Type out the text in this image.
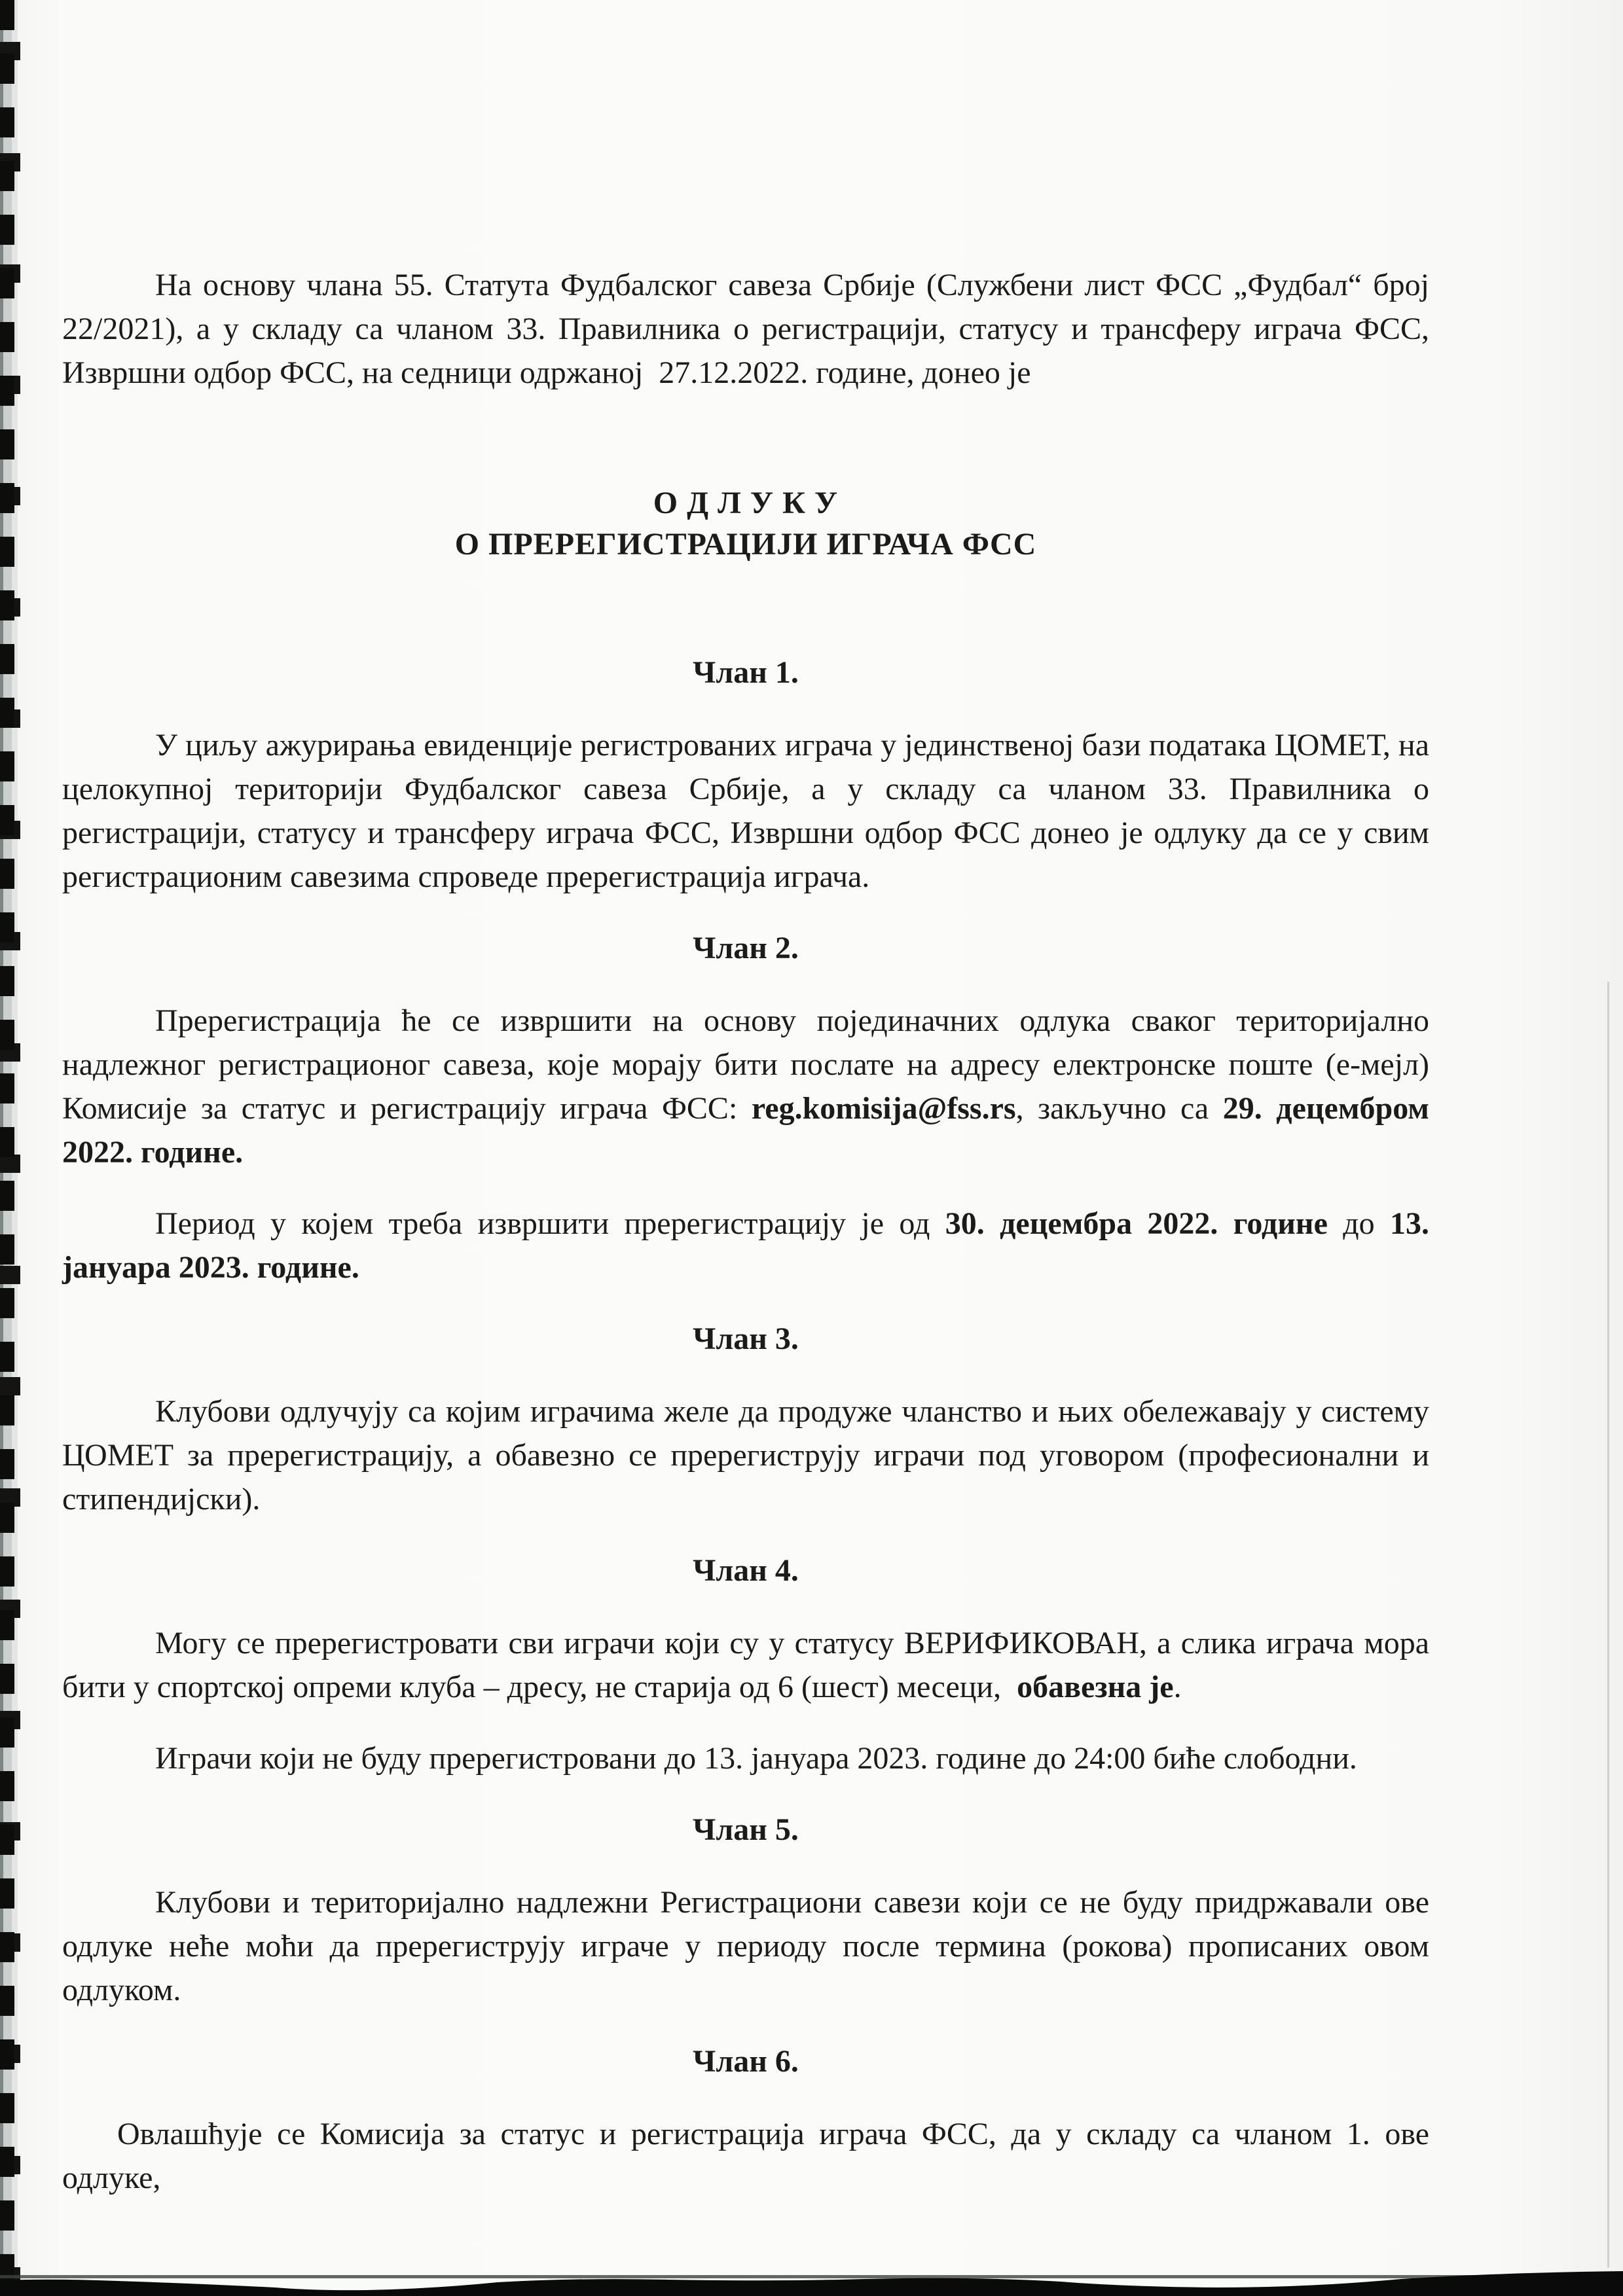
На основу члана 55. Статута Фудбалског савеза Србије (Службени лист ФСС „Фудбал“ број 22/2021), а у складу са чланом 33. Правилника о регистрацији, статусу и трансферу играча ФСС, Извршни одбор ФСС, на седници одржаној  27.12.2022. године, донео је

О Д Л У К У
О ПРЕРЕГИСТРАЦИЈИ ИГРАЧА ФСС

Члан 1.

У циљу ажурирања евиденције регистрованих играча у јединственој бази података ЦОМЕТ, на целокупној територији Фудбалског савеза Србије, а у складу са чланом 33. Правилника о регистрацији, статусу и трансферу играча ФСС, Извршни одбор ФСС донео је одлуку да се у свим регистрационим савезима спроведе пререгистрација играча.

Члан 2.

Пререгистрација ће се извршити на основу појединачних одлука сваког територијално надлежног регистрационог савеза, које морају бити послате на адресу електронске поште (е-мејл) Комисије за статус и регистрацију играча ФСС: reg.komisija@fss.rs, закључно са 29. децембром 2022. године.

Период у којем треба извршити пререгистрацију је од 30. децембра 2022. године до 13. јануара 2023. године.

Члан 3.

Клубови одлучују са којим играчима желе да продуже чланство и њих обележавају у систему ЦОМЕТ за пререгистрацију, а обавезно се пререгиструју играчи под уговором (професионални и стипендијски).

Члан 4.

Могу се пререгистровати сви играчи који су у статусу ВЕРИФИКОВАН, а слика играча мора бити у спортској опреми клуба – дресу, не старија од 6 (шест) месеци,  обавезна је.

Играчи који не буду пререгистровани до 13. јануара 2023. године до 24:00 биће слободни.

Члан 5.

Клубови и територијално надлежни Регистрациони савези који се не буду придржавали ове одлуке неће моћи да пререгиструју играче у периоду после термина (рокова) прописаних овом одлуком.

Члан 6.

Овлашћује се Комисија за статус и регистрација играча ФСС, да у складу са чланом 1. ове одлуке,
